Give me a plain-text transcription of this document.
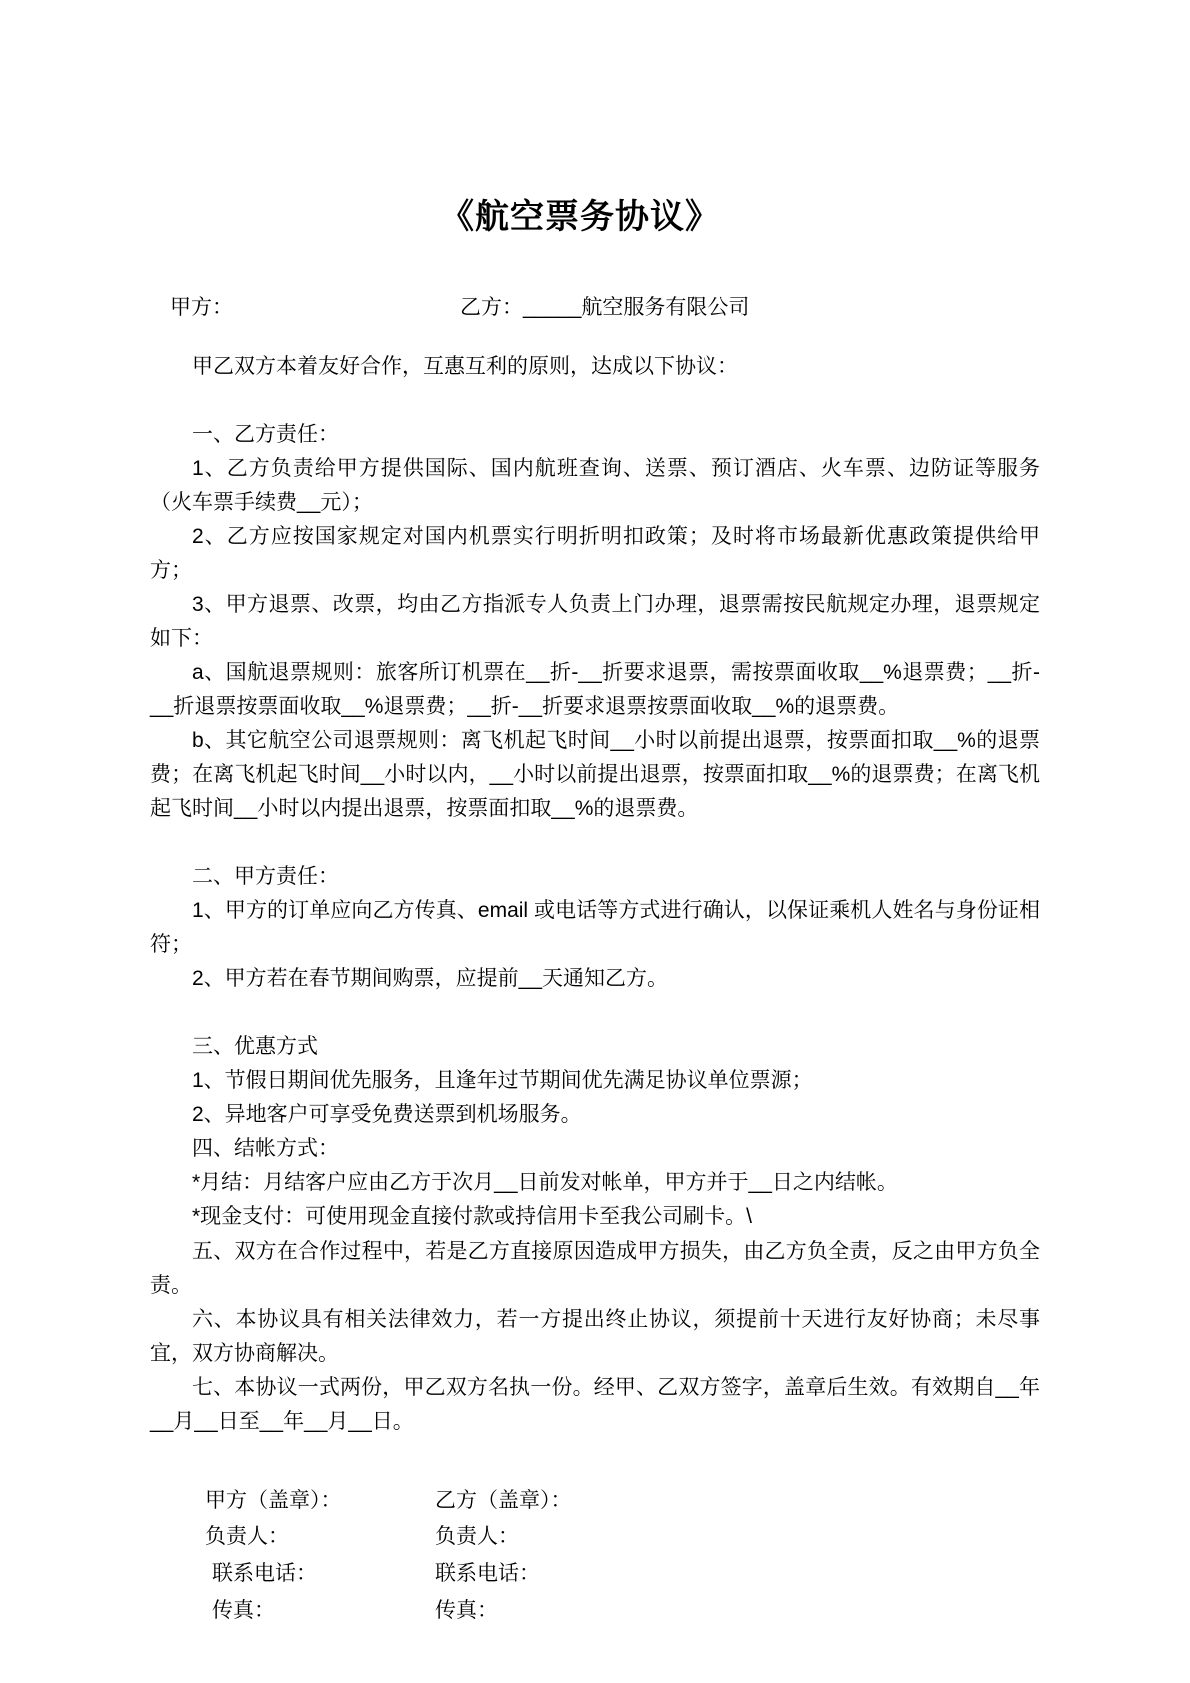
《航空票务协议》
甲方：	乙方：_____航空服务有限公司

甲乙双方本着友好合作，互惠互利的原则，达成以下协议：

一、乙方责任：

1、乙方负责给甲方提供国际、国内航班查询、送票、预订酒店、火车票、边防证等服务（火车票手续费__元）；

2、乙方应按国家规定对国内机票实行明折明扣政策；及时将市场最新优惠政策提供给甲方；

3、甲方退票、改票，均由乙方指派专人负责上门办理，退票需按民航规定办理，退票规定如下：

a、国航退票规则：旅客所订机票在__折-__折要求退票，需按票面收取__%退票费；__折-__折退票按票面收取__%退票费；__折-__折要求退票按票面收取__%的退票费。

b、其它航空公司退票规则：离飞机起飞时间__小时以前提出退票，按票面扣取__%的退票费；在离飞机起飞时间__小时以内，__小时以前提出退票，按票面扣取__%的退票费；在离飞机起飞时间__小时以内提出退票，按票面扣取__%的退票费。

二、甲方责任：

1、甲方的订单应向乙方传真、email 或电话等方式进行确认，以保证乘机人姓名与身份证相符；

2、甲方若在春节期间购票，应提前__天通知乙方。

三、优惠方式

1、节假日期间优先服务，且逢年过节期间优先满足协议单位票源；

2、异地客户可享受免费送票到机场服务。

四、结帐方式：

*月结：月结客户应由乙方于次月__日前发对帐单，甲方并于__日之内结帐。

*现金支付：可使用现金直接付款或持信用卡至我公司刷卡。\

五、双方在合作过程中，若是乙方直接原因造成甲方损失，由乙方负全责，反之由甲方负全责。

六、本协议具有相关法律效力，若一方提出终止协议，须提前十天进行友好协商；未尽事宜，双方协商解决。

七、本协议一式两份，甲乙双方名执一份。经甲、乙双方签字，盖章后生效。有效期自__年__月__日至__年__月__日。

甲方（盖章）：	乙方（盖章）：
负责人：	负责人：
联系电话：	联系电话：
传真：	传真：
